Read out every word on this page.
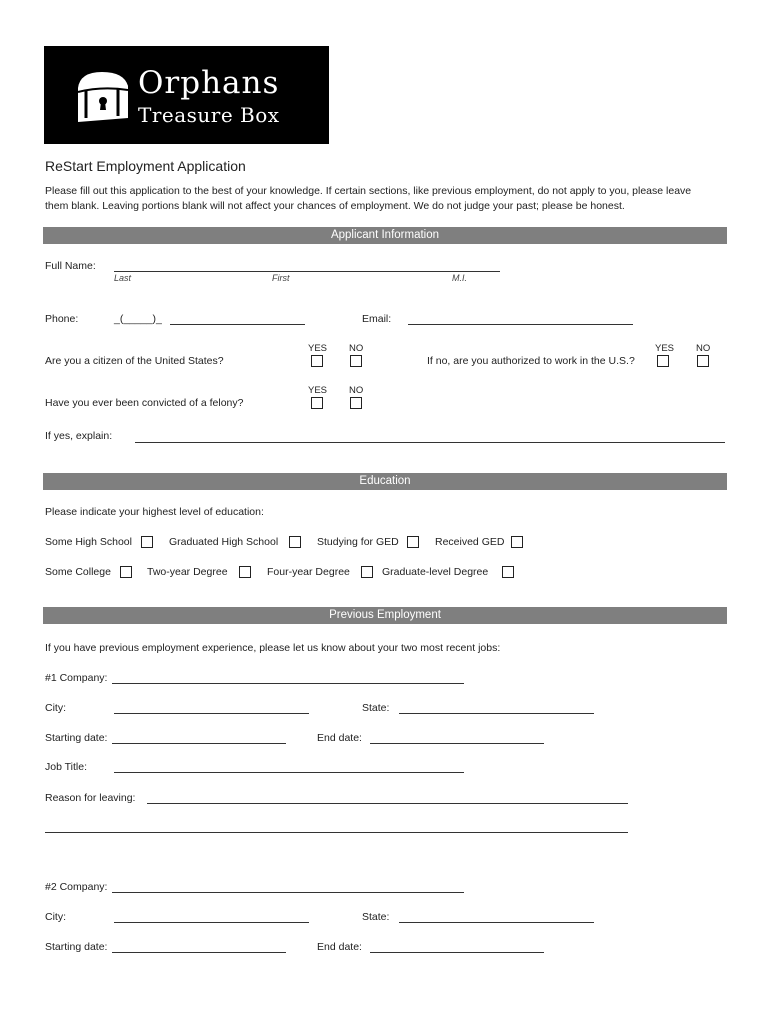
Orphans
Treasure Box
ReStart Employment Application
Please fill out this application to the best of your knowledge. If certain sections, like previous employment, do not apply to you, please leave them blank. Leaving portions blank will not affect your chances of employment. We do not judge your past; please be honest.
Applicant Information
Full Name:
Last	First	M.I.
Phone:	_(_____)_	Email:
YES NO
Are you a citizen of the United States?
YES NO
If no, are you authorized to work in the U.S.?
YES NO
Have you ever been convicted of a felony?
If yes, explain:
Education
Please indicate your highest level of education:
Some High School	Graduated High School	Studying for GED	Received GED
Some College	Two-year Degree	Four-year Degree	Graduate-level Degree
Previous Employment
If you have previous employment experience, please let us know about your two most recent jobs:
#1 Company:
City:	State:
Starting date:	End date:
Job Title:
Reason for leaving:
#2 Company:
City:	State:
Starting date:	End date:
